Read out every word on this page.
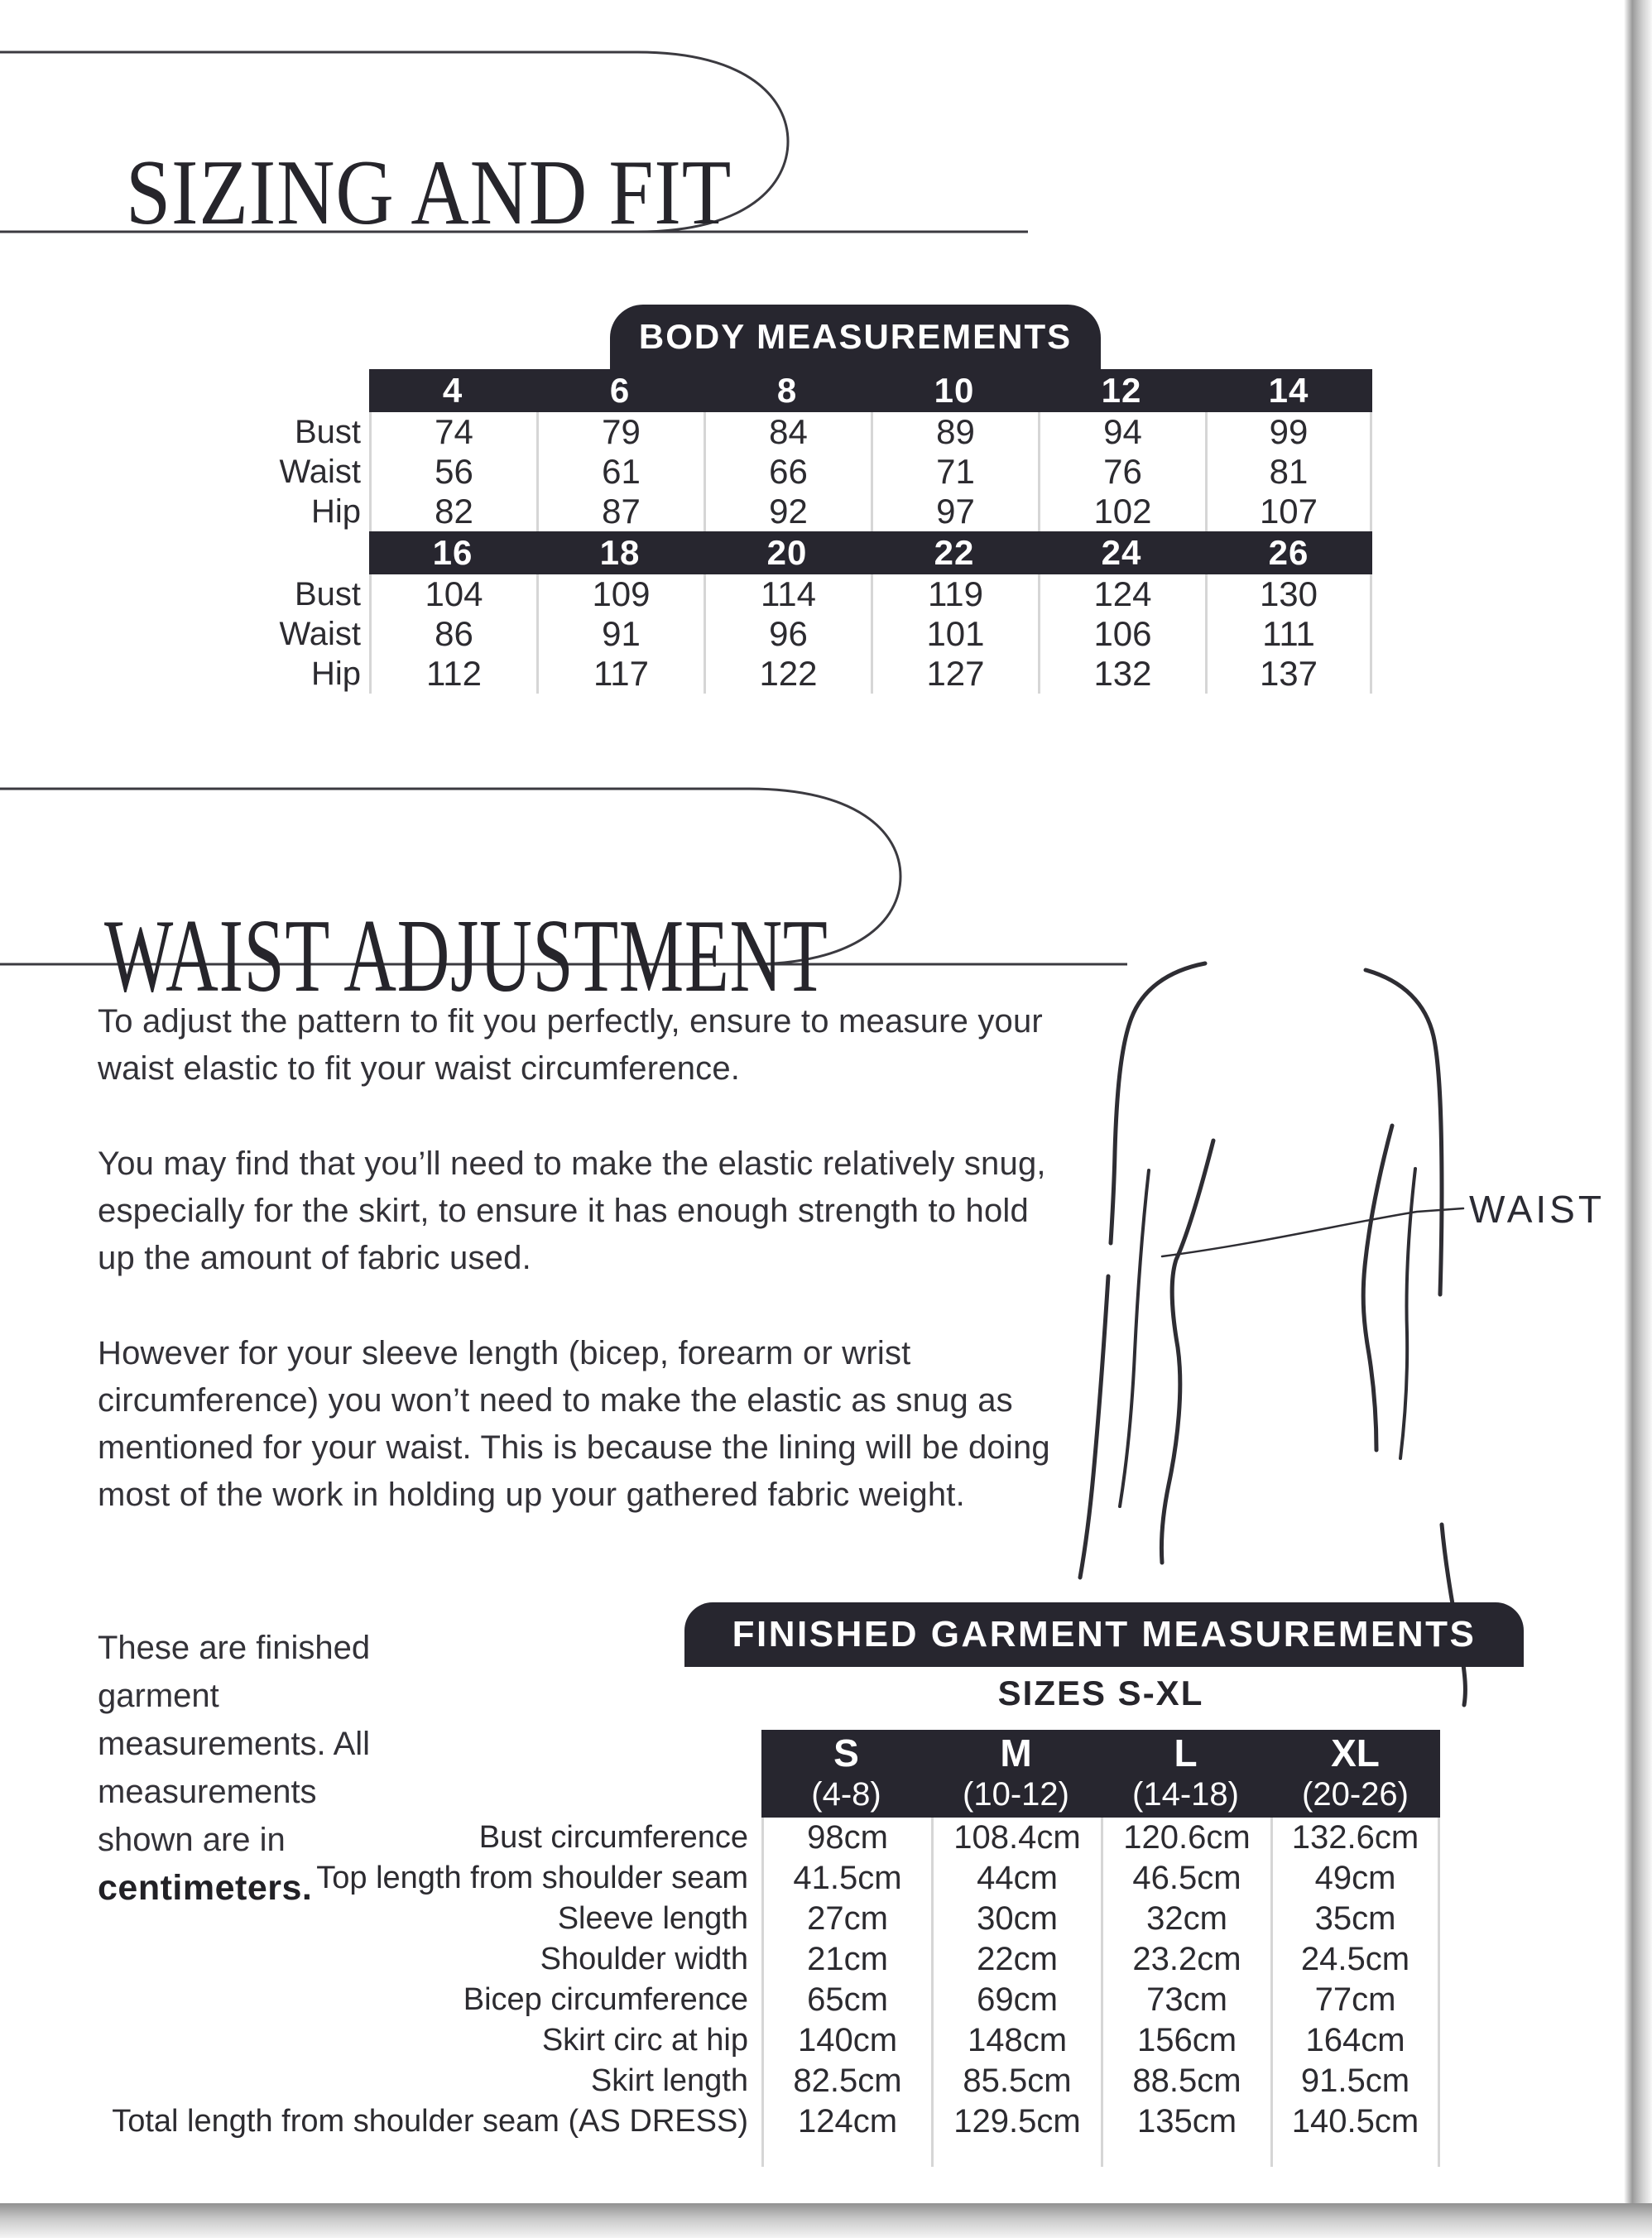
SIZING AND FIT
BODY MEASUREMENTS
4	6	8	10	12	14
Bust	74	79	84	89	94	99
Waist	56	61	66	71	76	81
Hip	82	87	92	97	102	107
16	18	20	22	24	26
Bust	104	109	114	119	124	130
Waist	86	91	96	101	106	111
Hip	112	117	122	127	132	137
WAIST ADJUSTMENT

To adjust the pattern to fit you perfectly, ensure to measure your waist elastic to fit your waist circumference.

You may find that you’ll need to make the elastic relatively snug, especially for the skirt, to ensure it has enough strength to hold up the amount of fabric used.

However for your sleeve length (bicep, forearm or wrist circumference) you won’t need to make the elastic as snug as mentioned for your waist. This is because the lining will be doing most of the work in holding up your gathered fabric weight.

WAIST
These are finished garment measurements. All measurements shown are in centimeters.
FINISHED GARMENT MEASUREMENTS
SIZES S-XL
S	M	L	XL
(4-8)	(10-12)	(14-18)	(20-26)
Bust circumference	98cm	108.4cm	120.6cm	132.6cm
Top length from shoulder seam	41.5cm	44cm	46.5cm	49cm
Sleeve length	27cm	30cm	32cm	35cm
Shoulder width	21cm	22cm	23.2cm	24.5cm
Bicep circumference	65cm	69cm	73cm	77cm
Skirt circ at hip	140cm	148cm	156cm	164cm
Skirt length	82.5cm	85.5cm	88.5cm	91.5cm
Total length from shoulder seam (AS DRESS)	124cm	129.5cm	135cm	140.5cm
